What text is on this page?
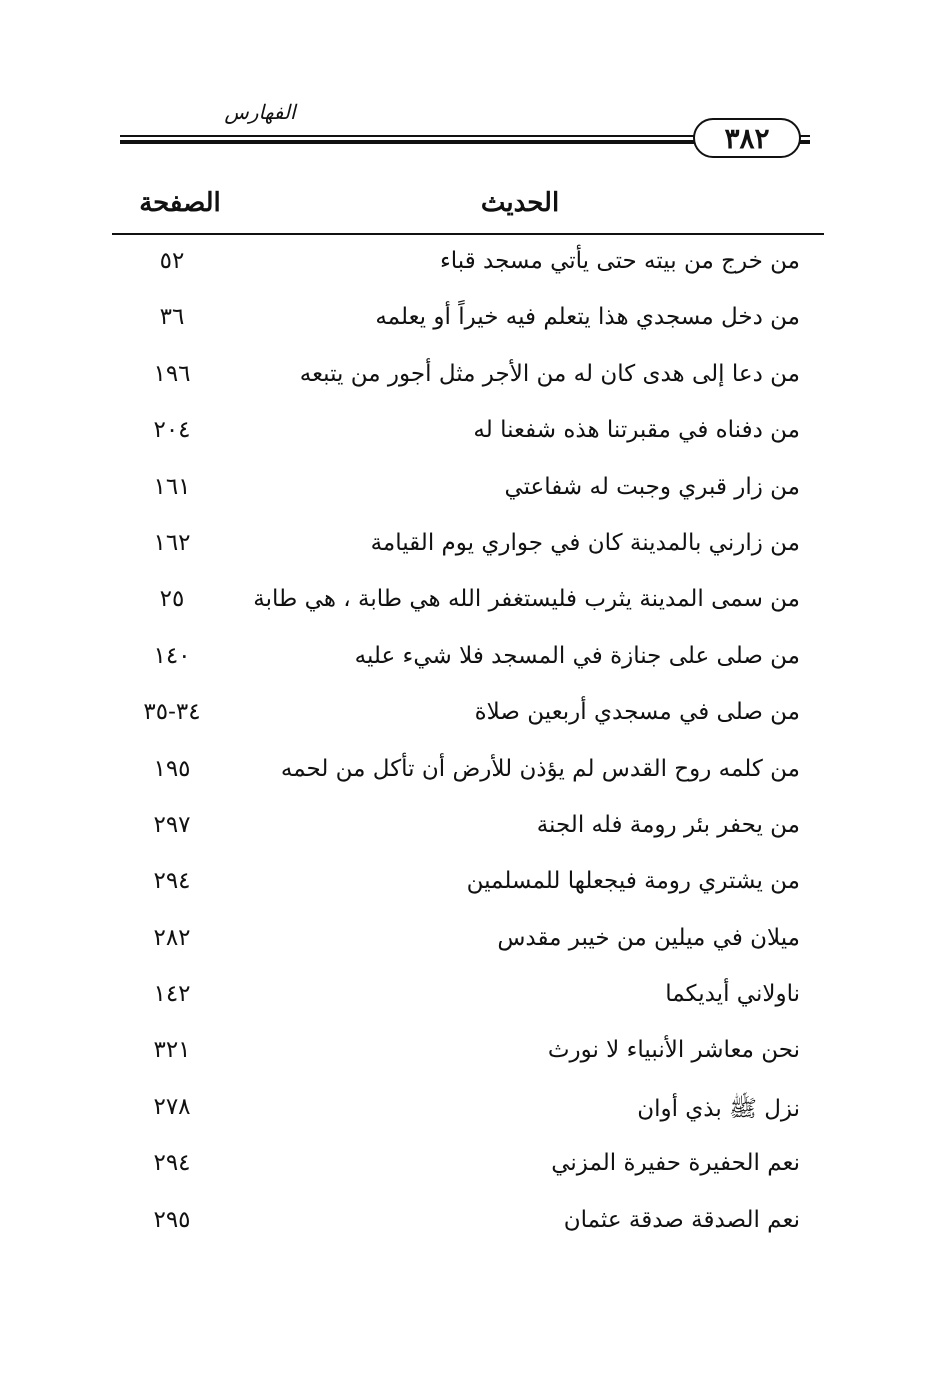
الفهارس
٣٨٢
الحديث
الصفحة
من خرج من بيته حتى يأتي مسجد قباء
٥٢
من دخل مسجدي هذا يتعلم فيه خيراً أو يعلمه
٣٦
من دعا إلى هدى كان له من الأجر مثل أجور من يتبعه
١٩٦
من دفناه في مقبرتنا هذه شفعنا له
٢٠٤
من زار قبري وجبت له شفاعتي
١٦١
من زارني بالمدينة كان في جواري يوم القيامة
١٦٢
من سمى المدينة يثرب فليستغفر الله هي طابة ، هي طابة
٢٥
من صلى على جنازة في المسجد فلا شيء عليه
١٤٠
من صلى في مسجدي أربعين صلاة
٣٤-٣٥
من كلمه روح القدس لم يؤذن للأرض أن تأكل من لحمه
١٩٥
من يحفر بئر رومة فله الجنة
٢٩٧
من يشتري رومة فيجعلها للمسلمين
٢٩٤
ميلان في ميلين من خيبر مقدس
٢٨٢
ناولاني أيديكما
١٤٢
نحن معاشر الأنبياء لا نورث
٣٢١
نزل ﷺ بذي أوان
٢٧٨
نعم الحفيرة حفيرة المزني
٢٩٤
نعم الصدقة صدقة عثمان
٢٩٥
